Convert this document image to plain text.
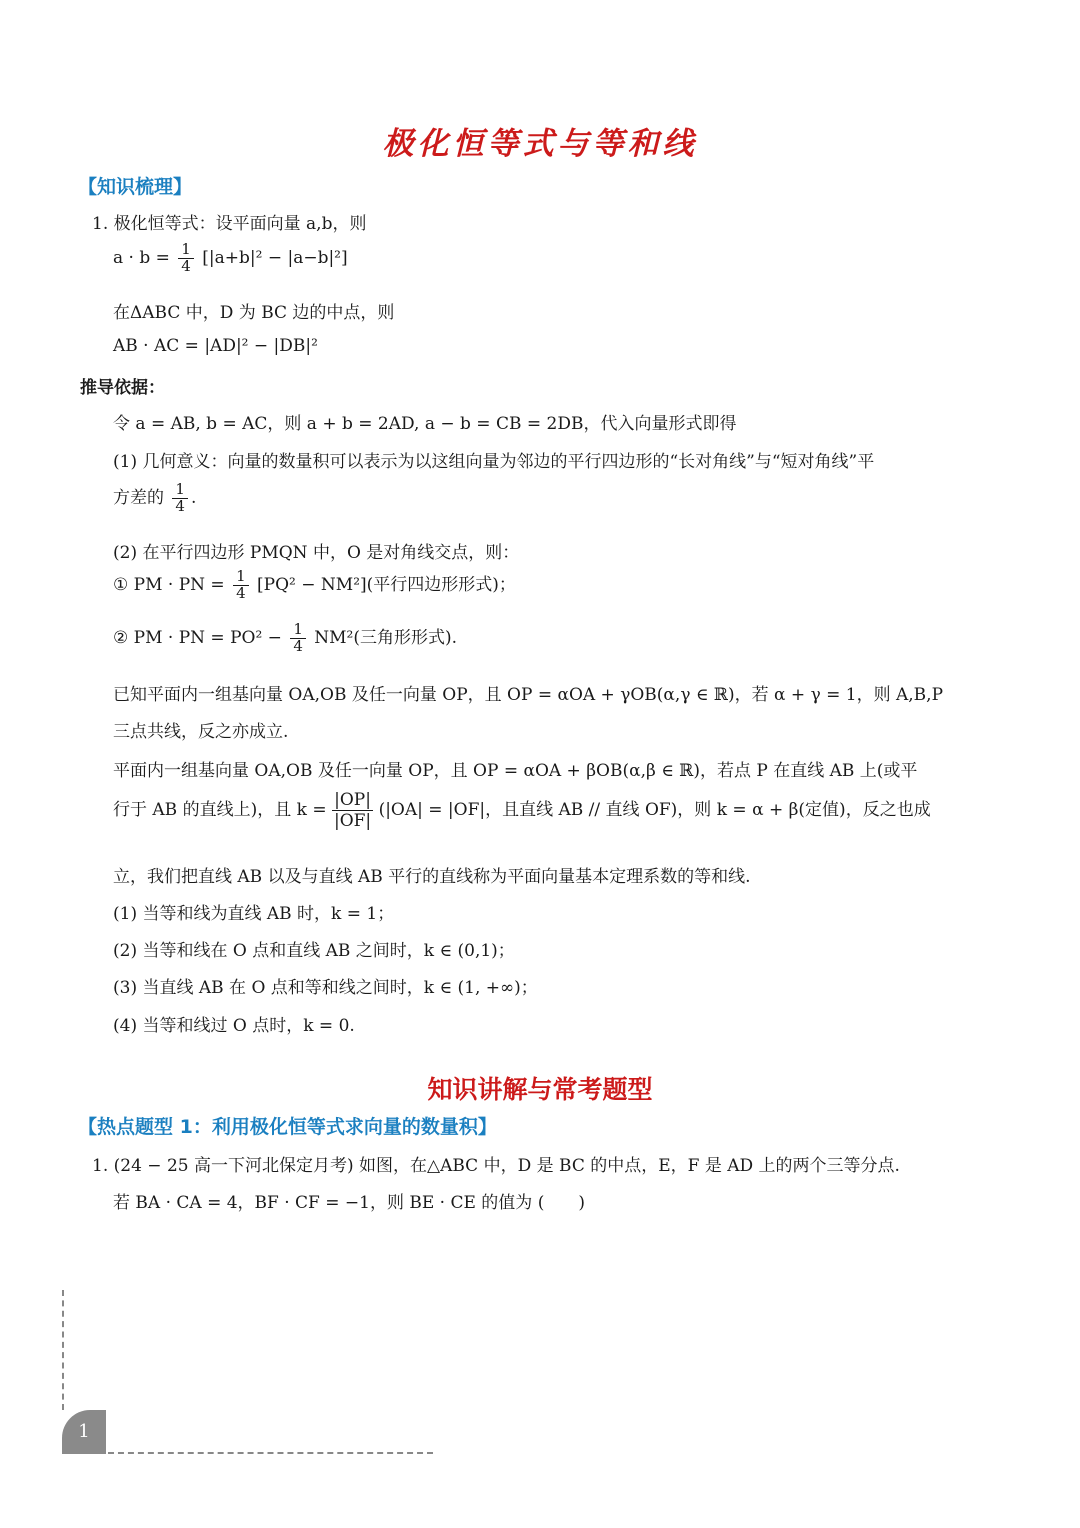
极化恒等式与等和线
【知识梳理】
1. 极化恒等式：设平面向量 a,b，则
$a \cdot b = \frac{1}{4} [|a+b|^2 - |a-b|^2]$
在ΔABC 中，D 为 BC 边的中点，则
AB · AC = |AD|² − |DB|²
推导依据：
令 a = AB, b = AC，则 a + b = 2AD, a − b = CB = 2DB，代入向量形式即得
(1) 几何意义：向量的数量积可以表示为以这组向量为邻边的平行四边形的“长对角线”与“短对角线”平
方差的 $\frac{1}{4}$ .
(2) 在平行四边形 PMQN 中，O 是对角线交点，则：
① PM · PN = $\frac{1}{4} [PQ^2 - NM^2]$(平行四边形形式)；
② PM · PN = $PO^2 - \frac{1}{4} NM^2$(三角形形式).
已知平面内一组基向量 OA,OB 及任一向量 OP，且 OP = αOA + γOB(α,γ ∈ ℝ)，若 α + γ = 1，则 A,B,P
三点共线，反之亦成立.
平面内一组基向量 OA,OB 及任一向量 OP，且 OP = αOA + βOB(α,β ∈ ℝ)，若点 P 在直线 AB 上(或平
行于 AB 的直线上)，且 $k = \frac{|OP|}{|OF|} (|OA| = |OF|$，且直线 AB // 直线 OF)，则 k = α + β(定值)，反之也成
立，我们把直线 AB 以及与直线 AB 平行的直线称为平面向量基本定理系数的等和线.
(1) 当等和线为直线 AB 时，k = 1；
(2) 当等和线在 O 点和直线 AB 之间时，k ∈ (0,1)；
(3) 当直线 AB 在 O 点和等和线之间时，k ∈ (1, +∞)；
(4) 当等和线过 O 点时，k = 0.
知识讲解与常考题型
【热点题型 1：利用极化恒等式求向量的数量积】
1. (24 − 25 高一下河北保定月考) 如图，在△ABC 中，D 是 BC 的中点，E，F 是 AD 上的两个三等分点.
若 BA · CA = 4，BF · CF = −1，则 BE · CE 的值为 (　　)
1
